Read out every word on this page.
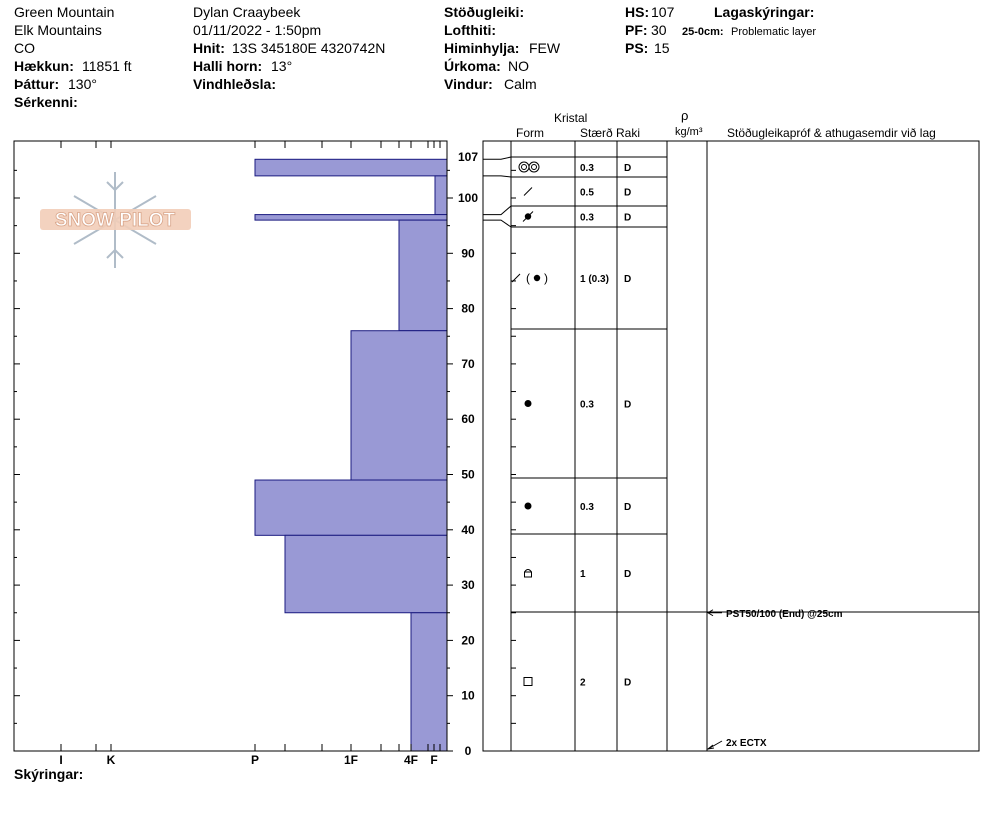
Green Mountain
Elk Mountains
CO
Hækkun: 11851 ft
Þáttur: 130°
Sérkenni:
Dylan Craaybeek
01/11/2022 - 1:50pm
Hnit: 13S 345180E 4320742N
Halli horn: 13°
Vindhleðsla:
Stöðugleiki:
Lofthiti:
Himinhylja: FEW
Úrkoma: NO
Vindur: Calm
HS: 107
PF: 30
PS: 15
Lagaskýringar:
25-0cm: Problematic layer
Kristal
Form	Stærð Raki
ρ
kg/m³ Stöðugleikapróf & athugasemdir við lag
Skýringar:
SNOW PILOT
0
10
20
30
40
50
60
70
80
90
100
107
I	K	P	1F	4F F
0.3	D
0.5	D
0.3	D
( )	1 (0.3) D
0.3	D
0.3	D
1	D
2	D
PST50/100 (End) @25cm
2x ECTX
